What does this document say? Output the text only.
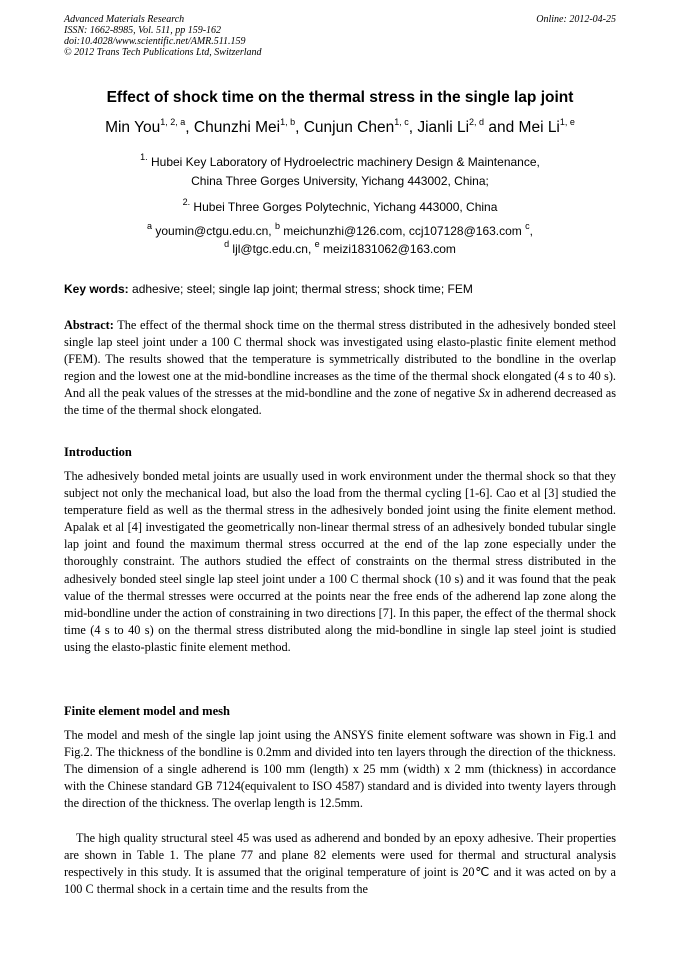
Advanced Materials Research
ISSN: 1662-8985, Vol. 511, pp 159-162
doi:10.4028/www.scientific.net/AMR.511.159
© 2012 Trans Tech Publications Ltd, Switzerland
Online: 2012-04-25
Effect of shock time on the thermal stress in the single lap joint
Min You$^{1, 2, a}$, Chunzhi Mei$^{1, b}$, Cunjun Chen$^{1, c}$, Jianli Li$^{2, d}$ and Mei Li$^{1, e}$
$^{1.}$ Hubei Key Laboratory of Hydroelectric machinery Design & Maintenance,
China Three Gorges University, Yichang 443002, China;
$^{2.}$ Hubei Three Gorges Polytechnic, Yichang 443000, China
$^a$ youmin@ctgu.edu.cn, $^b$ meichunzhi@126.com, ccj107128@163.com $^c$,
$^d$ ljl@tgc.edu.cn, $^e$ meizi1831062@163.com
Key words: adhesive; steel; single lap joint; thermal stress; shock time; FEM
Abstract: The effect of the thermal shock time on the thermal stress distributed in the adhesively bonded steel single lap steel joint under a 100 C thermal shock was investigated using elasto-plastic finite element method (FEM). The results showed that the temperature is symmetrically distributed to the bondline in the overlap region and the lowest one at the mid-bondline increases as the time of the thermal shock elongated (4 s to 40 s). And all the peak values of the stresses at the mid-bondline and the zone of negative Sx in adherend decreased as the time of the thermal shock elongated.
Introduction
The adhesively bonded metal joints are usually used in work environment under the thermal shock so that they subject not only the mechanical load, but also the load from the thermal cycling [1-6]. Cao et al [3] studied the temperature field as well as the thermal stress in the adhesively bonded joint using the finite element method. Apalak et al [4] investigated the geometrically non-linear thermal stress of an adhesively bonded tubular single lap joint and found the maximum thermal stress occurred at the end of the lap zone especially under the thoroughly constraint. The authors studied the effect of constraints on the thermal stress distributed in the adhesively bonded steel single lap steel joint under a 100 C thermal shock (10 s) and it was found that the peak value of the thermal stresses were occurred at the points near the free ends of the adherend lap zone along the mid-bondline under the action of constraining in two directions [7]. In this paper, the effect of the thermal shock time (4 s to 40 s) on the thermal stress distributed along the mid-bondline in single lap steel joint is studied using the elasto-plastic finite element method.
Finite element model and mesh
The model and mesh of the single lap joint using the ANSYS finite element software was shown in Fig.1 and Fig.2. The thickness of the bondline is 0.2mm and divided into ten layers through the direction of the thickness. The dimension of a single adherend is 100 mm (length) x 25 mm (width) x 2 mm (thickness) in accordance with the Chinese standard GB 7124(equivalent to ISO 4587) standard and is divided into twenty layers through the direction of the thickness. The overlap length is 12.5mm.
The high quality structural steel 45 was used as adherend and bonded by an epoxy adhesive. Their properties are shown in Table 1. The plane 77 and plane 82 elements were used for thermal and structural analysis respectively in this study. It is assumed that the original temperature of joint is 20℃ and it was acted on by a 100 C thermal shock in a certain time and the results from the
